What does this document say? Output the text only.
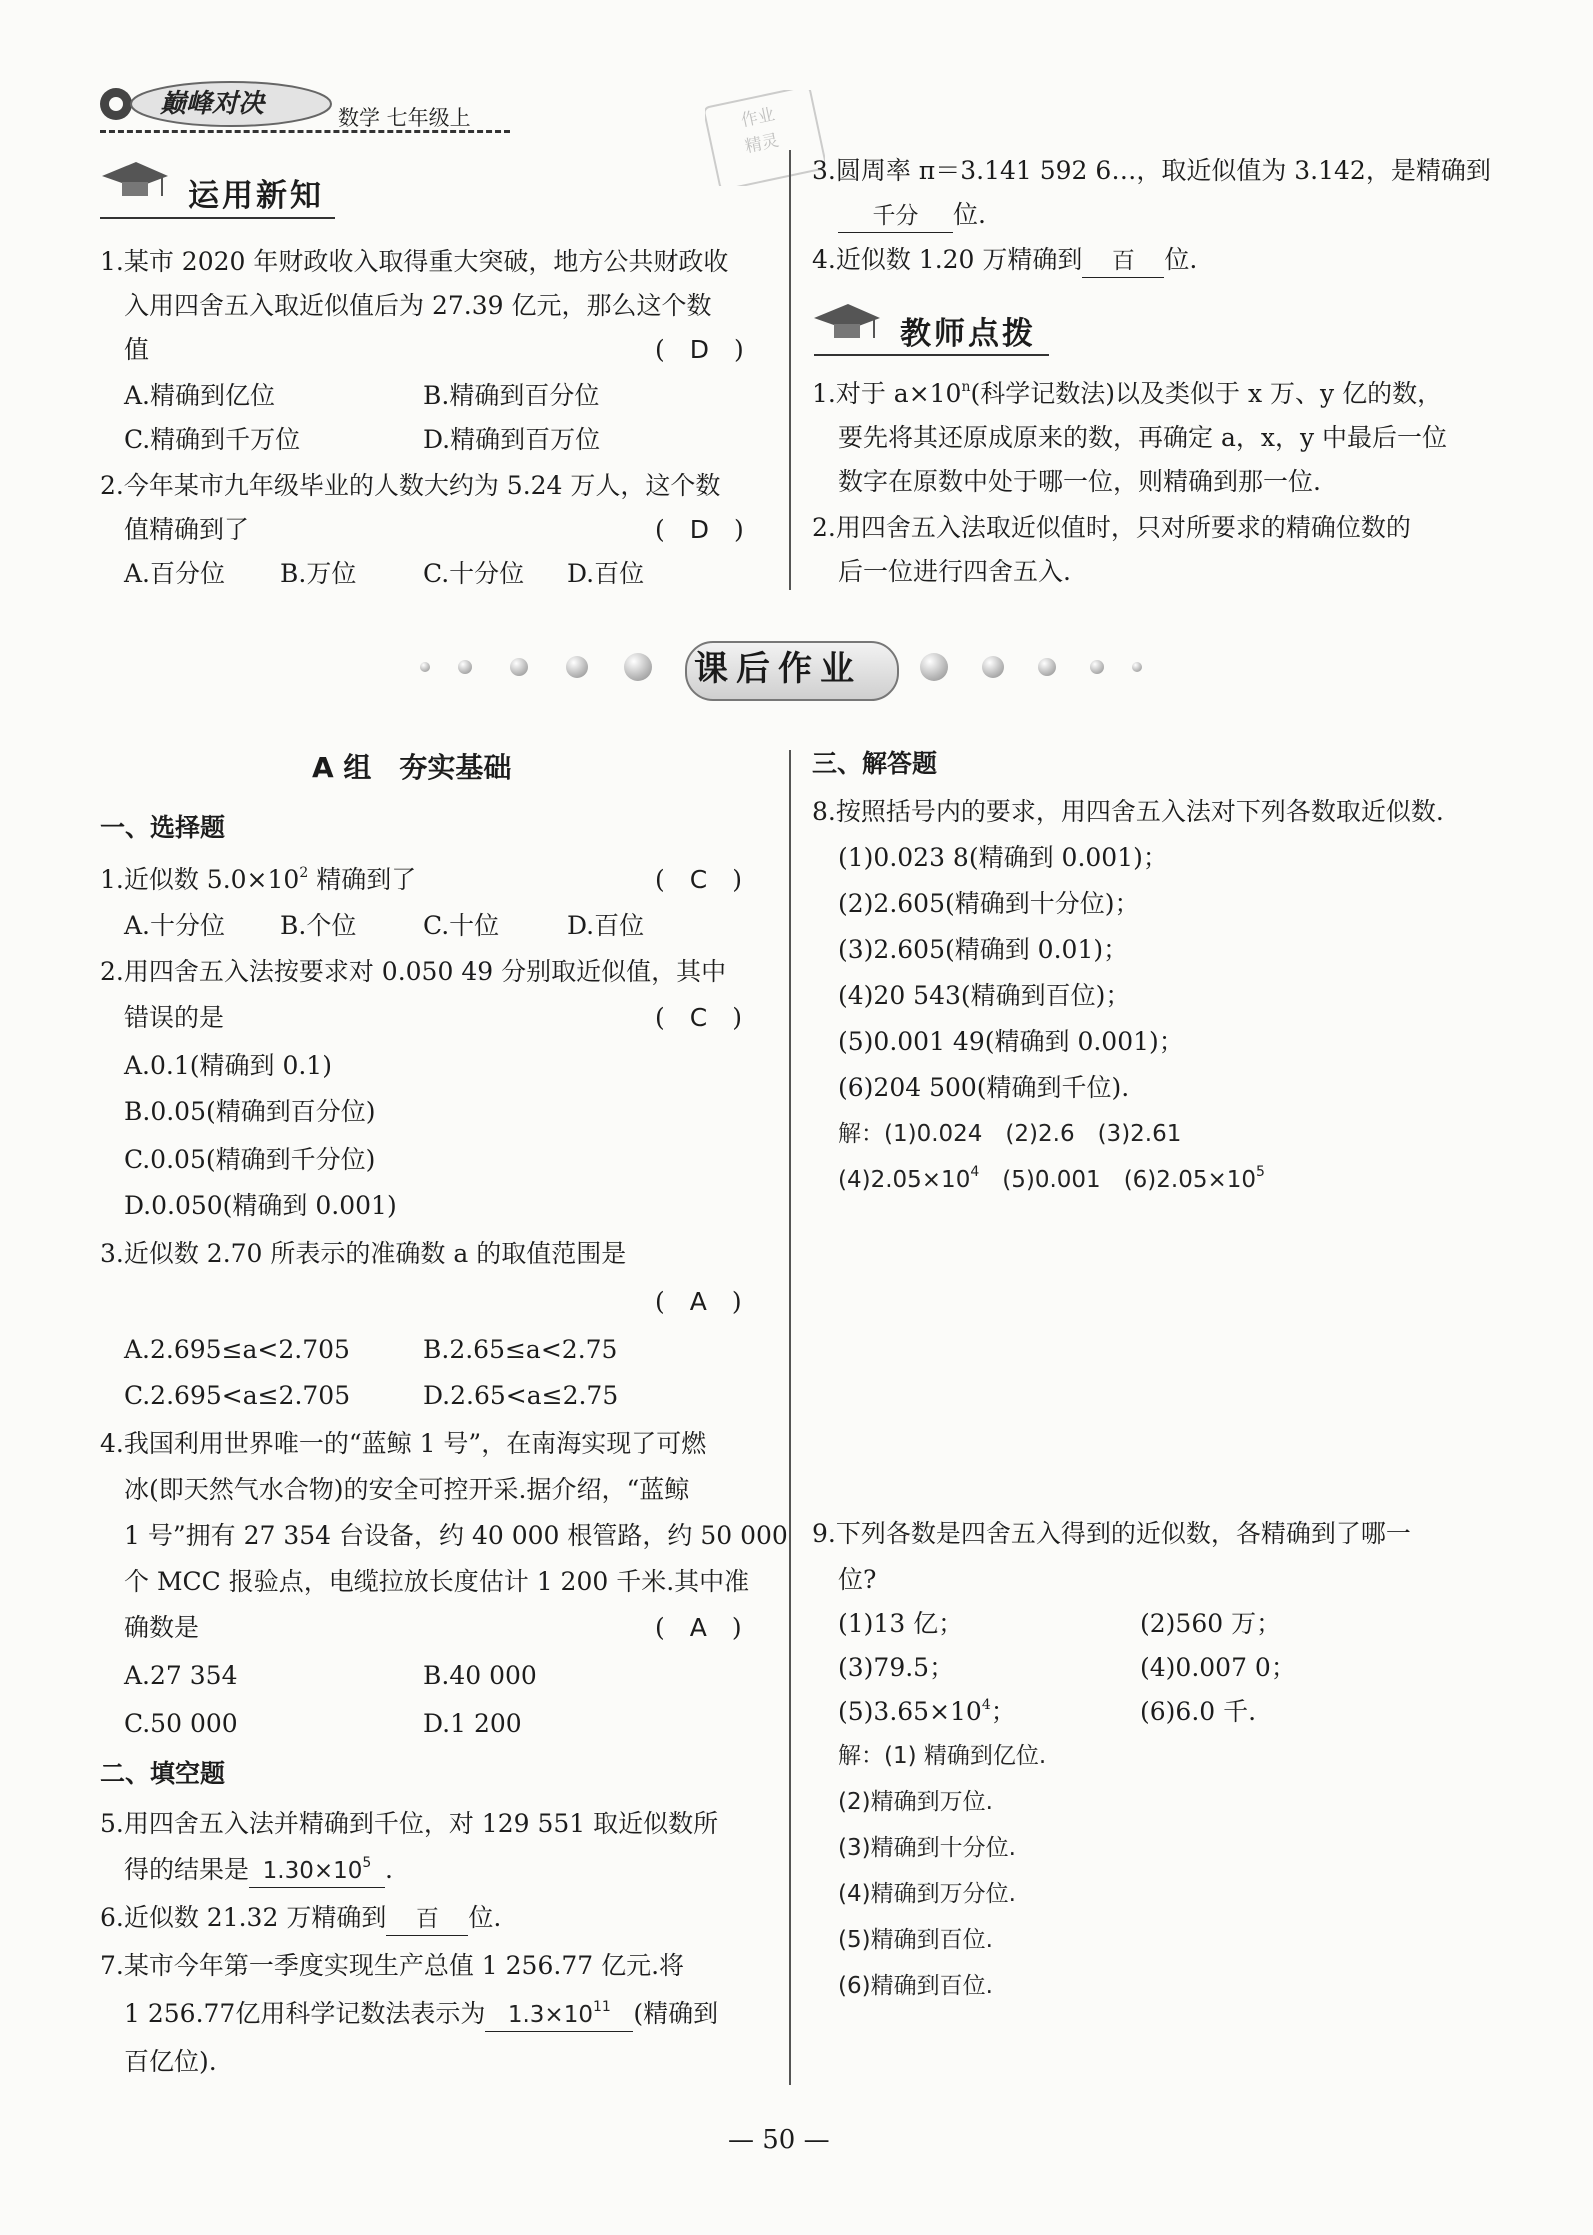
巅峰对决	数学 七年级上	作业
精灵
运用新知
1.某市 2020 年财政收入取得重大突破，地方公共财政收
入用四舍五入取近似值后为 27.39 亿元，那么这个数
值	(　D　)
A.精确到亿位	B.精确到百分位
C.精确到千万位	D.精确到百万位
2.今年某市九年级毕业的人数大约为 5.24 万人，这个数
值精确到了	(　D　)
A.百分位 B.万位	C.十分位 D.百位
3.圆周率 π＝3.141 592 6…，取近似值为 3.142，是精确到
千分 位.
4.近似数 1.20 万精确到 百 位.
教师点拨
1.对于 $a\times 10^n$(科学记数法)以及类似于 x 万、y 亿的数，
要先将其还原成原来的数，再确定 a，x，y 中最后一位
数字在原数中处于哪一位，则精确到那一位.
2.用四舍五入法取近似值时，只对所要求的精确位数的
后一位进行四舍五入.
课后作业
A 组　夯实基础
一、选择题
1.近似数 $5.0\times 10^2$ 精确到了	(　C　)
A.十分位 B.个位	C.十位	D.百位
2.用四舍五入法按要求对 0.050 49 分别取近似值，其中
错误的是	(　C　)
A.0.1(精确到 0.1)
B.0.05(精确到百分位)
C.0.05(精确到千分位)
D.0.050(精确到 0.001)
3.近似数 2.70 所表示的准确数 a 的取值范围是
(　A　)
A.2.695≤a<2.705	B.2.65≤a<2.75
C.2.695<a≤2.705	D.2.65<a≤2.75
4.我国利用世界唯一的“蓝鲸 1 号”，在南海实现了可燃
冰(即天然气水合物)的安全可控开采.据介绍，“蓝鲸
1 号”拥有 27 354 台设备，约 40 000 根管路，约 50 000
个 MCC 报验点，电缆拉放长度估计 1 200 千米.其中准
确数是	(　A　)
A.27 354	B.40 000
C.50 000	D.1 200
二、填空题
5.用四舍五入法并精确到千位，对 129 551 取近似数所
得的结果是 $1.30\times 10^5$ .
6.近似数 21.32 万精确到 百 位.
7.某市今年第一季度实现生产总值 1 256.77 亿元.将
1 256.77亿用科学记数法表示为 $1.3\times 10^{11}$ (精确到
百亿位).
三、解答题
8.按照括号内的要求，用四舍五入法对下列各数取近似数.
(1)0.023 8(精确到 0.001)；
(2)2.605(精确到十分位)；
(3)2.605(精确到 0.01)；
(4)20 543(精确到百位)；
(5)0.001 49(精确到 0.001)；
(6)204 500(精确到千位).
解：(1)0.024　(2)2.6　(3)2.61
$(4)2.05\times 10^4$　(5)0.001　$(6)2.05\times 10^5$
9.下列各数是四舍五入得到的近似数，各精确到了哪一
位?
(1)13 亿；	(2)560 万；
(3)79.5；	(4)0.007 0；
$(5)3.65\times 10^4$；	(6)6.0 千.
解：(1) 精确到亿位.
(2)精确到万位.
(3)精确到十分位.
(4)精确到万分位.
(5)精确到百位.
(6)精确到百位.
— 50 —
